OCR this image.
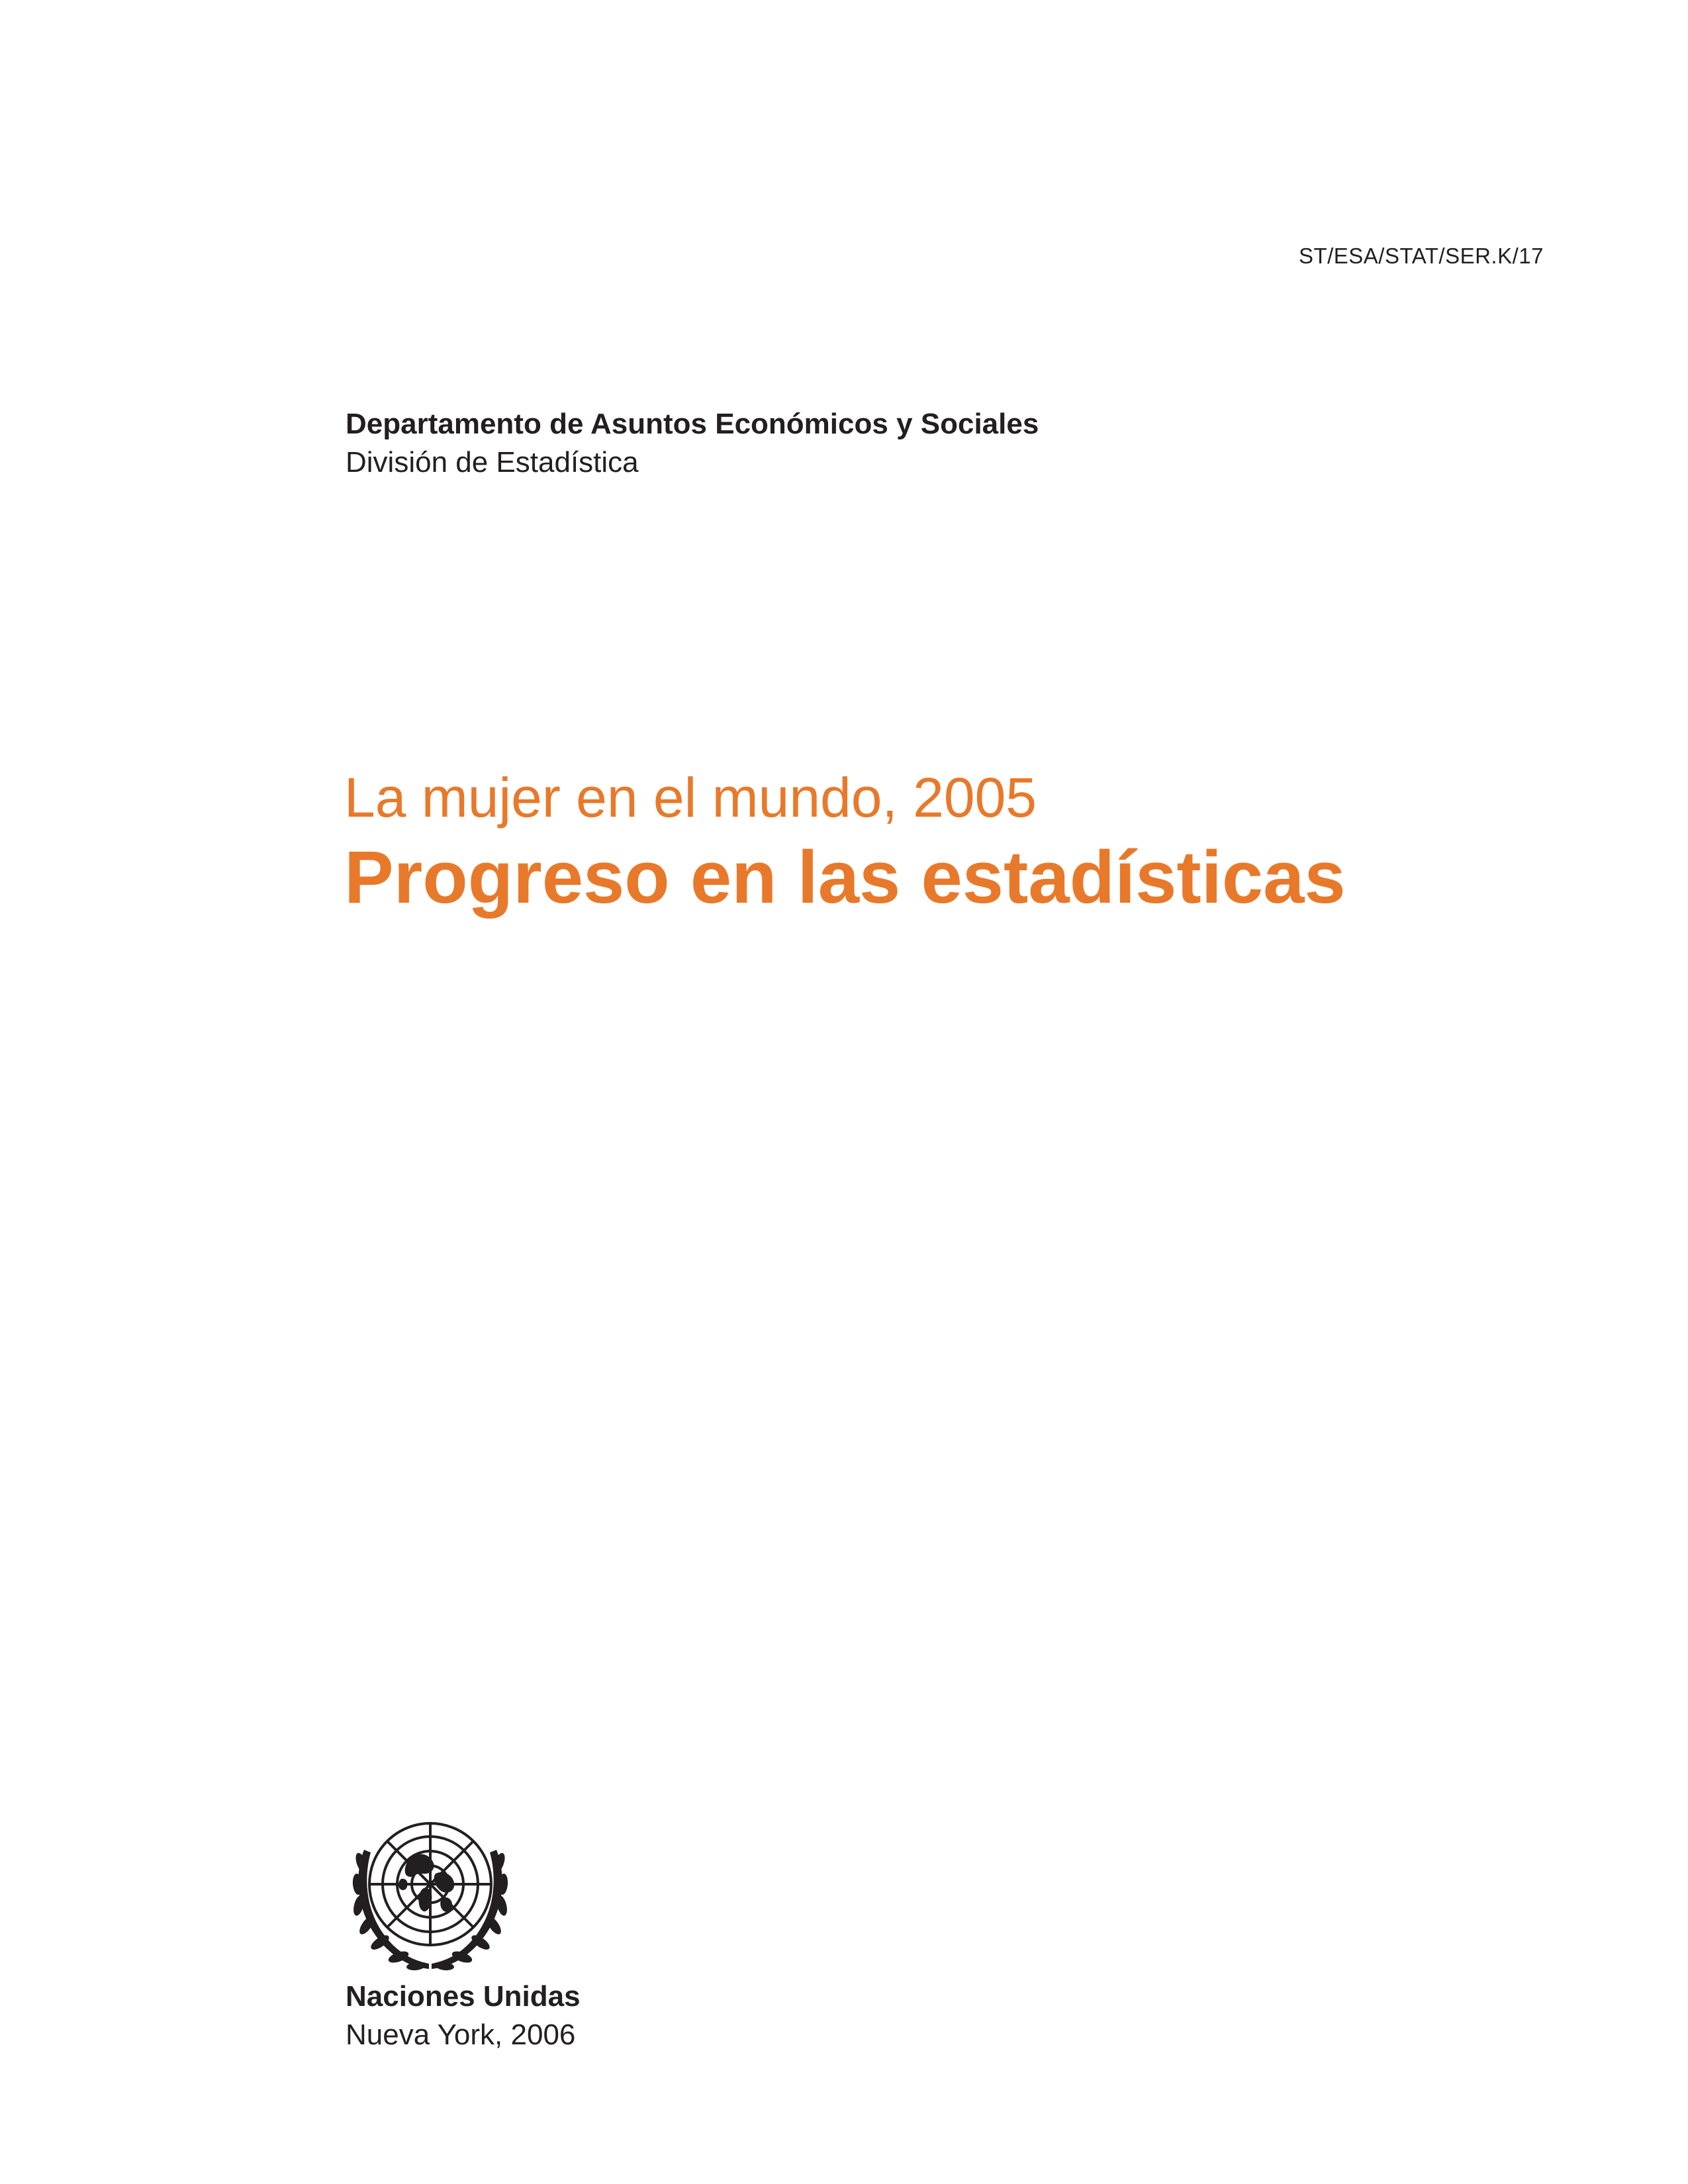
ST/ESA/STAT/SER.K/17
Departamento de Asuntos Económicos y Sociales
División de Estadística
La mujer en el mundo, 2005
Progreso en las estadísticas
Naciones Unidas
Nueva York, 2006
